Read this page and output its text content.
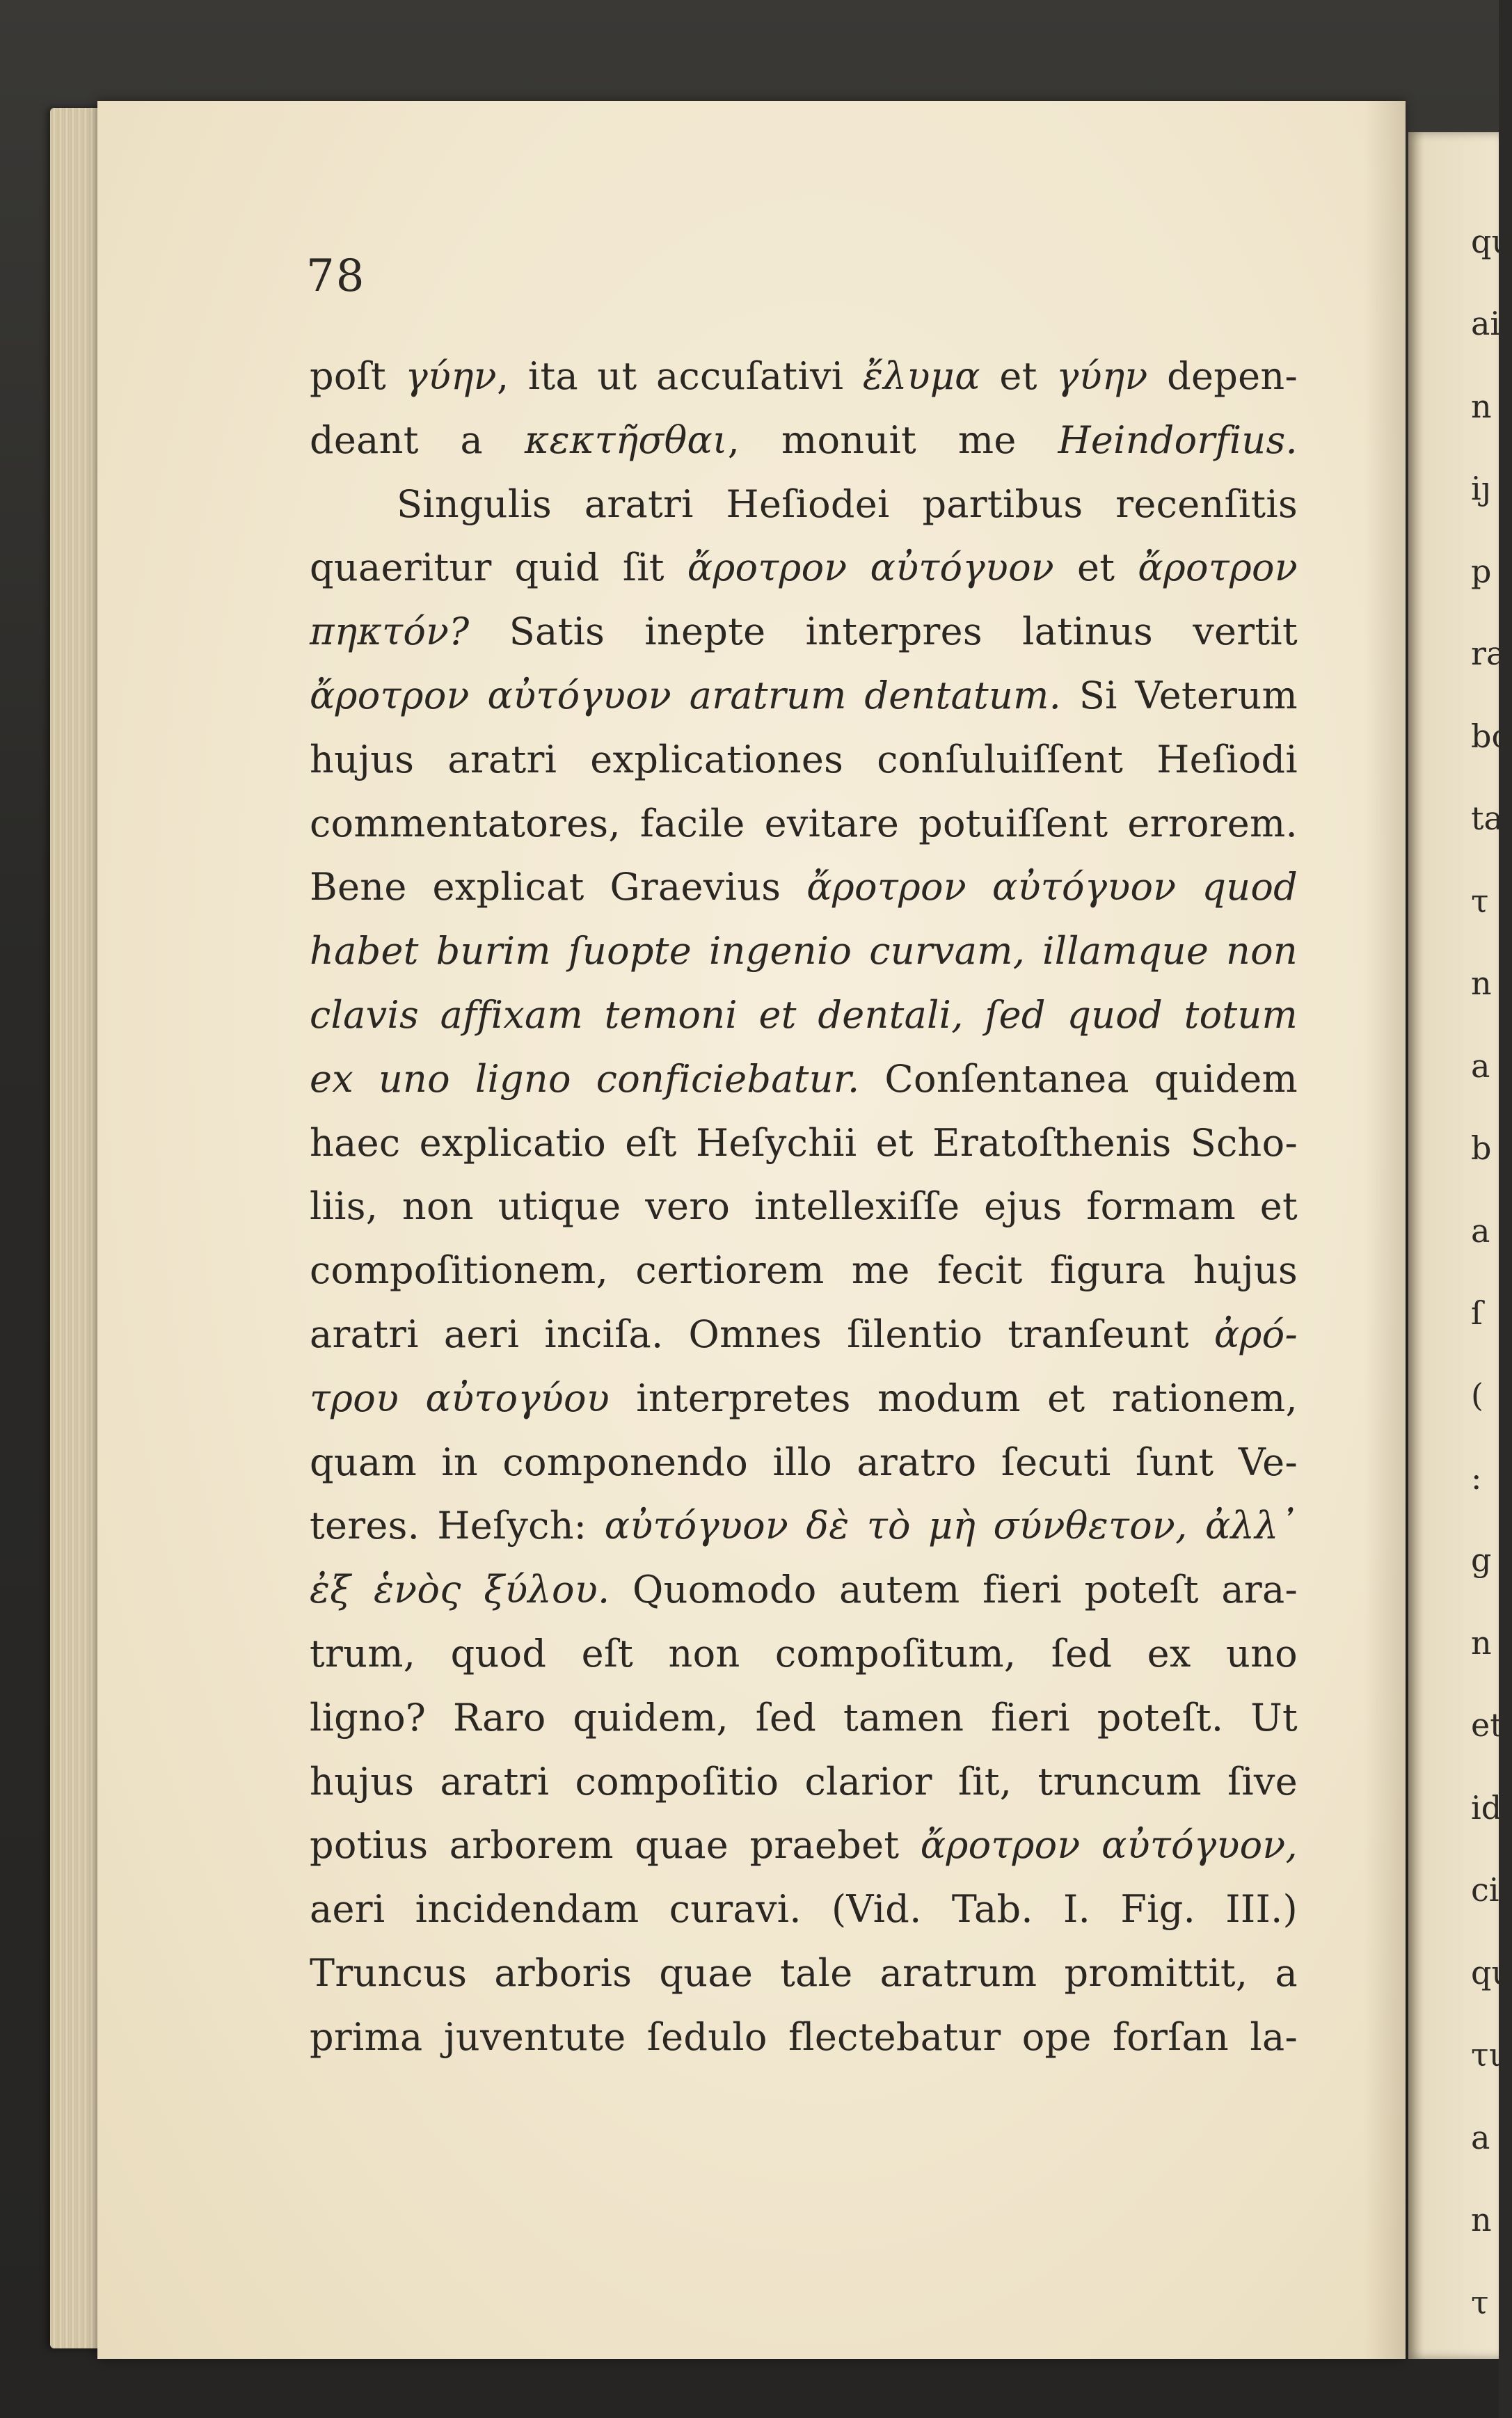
78
poſt γύην, ita ut accuſativi ἔλυμα et γύην depen-
deant a κεκτῆσθαι, monuit me Heindorfius.
Singulis aratri Heſiodei partibus recenſitis
quaeritur quid ſit ἄροτρον αὐτόγυον et ἄροτρον
πηκτόν? Satis inepte interpres latinus vertit
ἄροτρον αὐτόγυον aratrum dentatum. Si Veterum
hujus aratri explicationes conſuluiſſent Heſiodi
commentatores, facile evitare potuiſſent errorem.
Bene explicat Graevius ἄροτρον αὐτόγυον quod
habet burim ſuopte ingenio curvam, illamque non
clavis affixam temoni et dentali, ſed quod totum
ex uno ligno conficiebatur. Conſentanea quidem
haec explicatio eſt Heſychii et Eratoſthenis Scho-
liis, non utique vero intellexiſſe ejus formam et
compoſitionem, certiorem me fecit figura hujus
aratri aeri inciſa. Omnes ſilentio tranſeunt ἀρό-
τρου αὐτογύου interpretes modum et rationem,
quam in componendo illo aratro ſecuti ſunt Ve-
teres. Heſych: αὐτόγυον δὲ τὸ μὴ σύνθετον, ἀλλ᾽
ἐξ ἑνὸς ξύλου. Quomodo autem fieri poteſt ara-
trum, quod eſt non compoſitum, ſed ex uno
ligno? Raro quidem, ſed tamen fieri poteſt. Ut
hujus aratri compoſitio clarior ſit, truncum ſive
potius arborem quae praebet ἄροτρον αὐτόγυον,
aeri incidendam curavi. (Vid. Tab. I. Fig. III.)
Truncus arboris quae tale aratrum promittit, a
prima juventute ſedulo flectebatur ope forſan la-
qu
ai
n
iȷ
p
ra
bo
ta
τ
n
a
b
a
ſ
(
:
g
n
et
id
ci
qu
τι
a
n
τ
